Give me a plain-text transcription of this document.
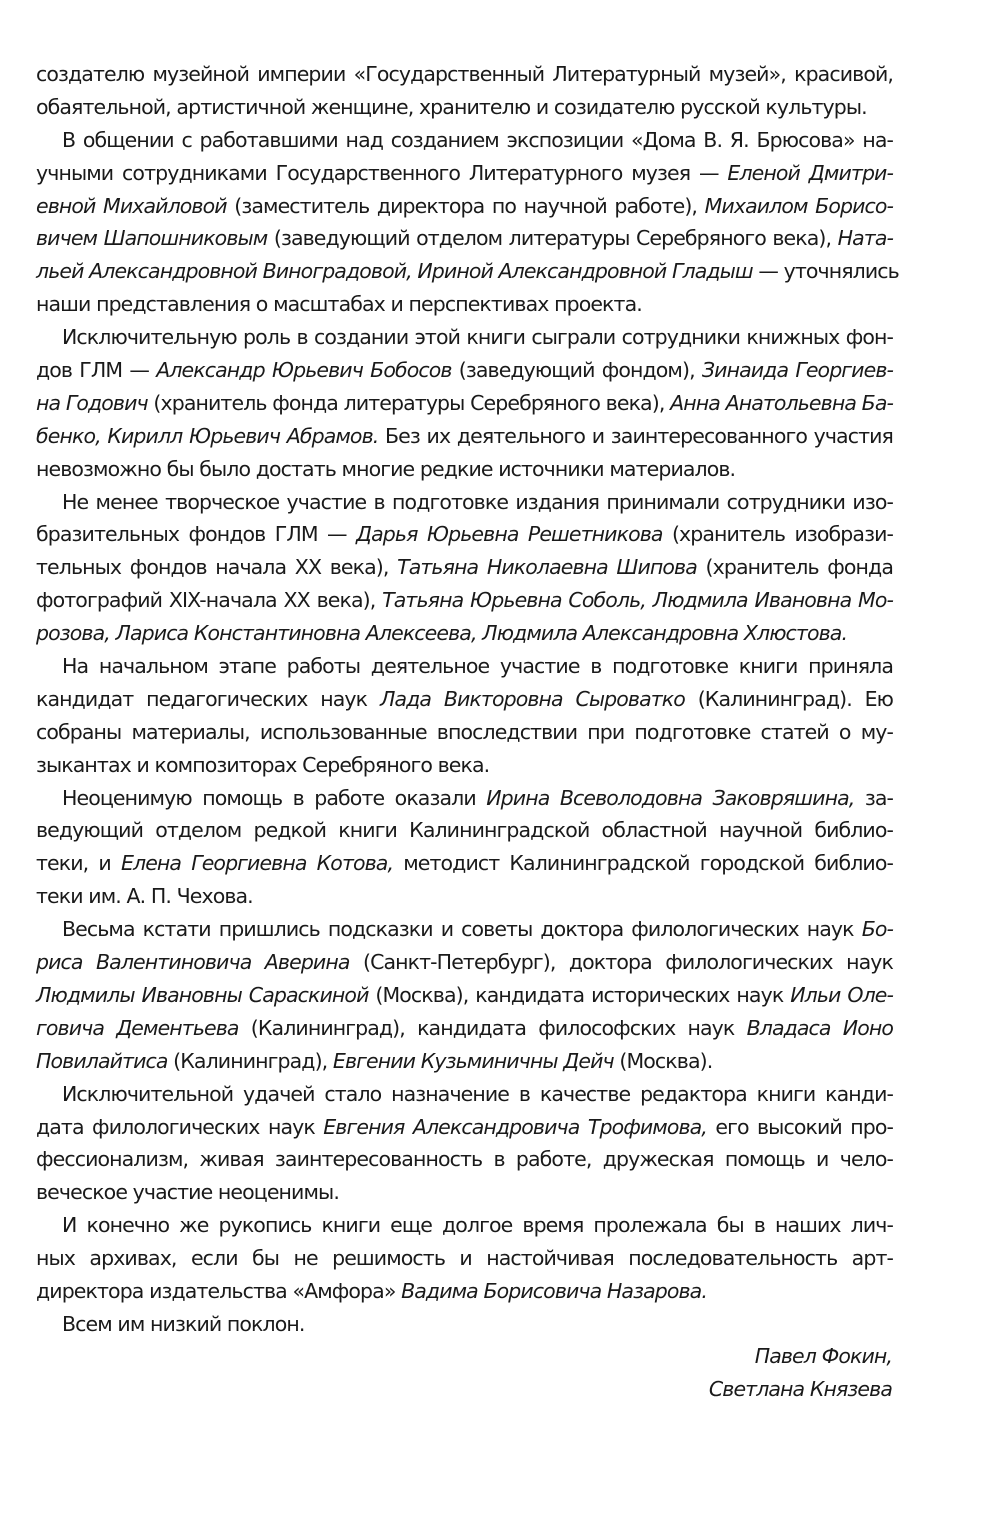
создателю музейной империи «Государственный Литературный музей», красивой,
обаятельной, артистичной женщине, хранителю и созидателю русской культуры.
В общении с работавшими над созданием экспозиции «Дома В. Я. Брюсова» на-
учными сотрудниками Государственного Литературного музея — Еленой Дмитри-
евной Михайловой (заместитель директора по научной работе), Михаилом Борисо-
вичем Шапошниковым (заведующий отделом литературы Серебряного века), Ната-
льей Александровной Виноградовой, Ириной Александровной Гладыш — уточнялись
наши представления о масштабах и перспективах проекта.
Исключительную роль в создании этой книги сыграли сотрудники книжных фон-
дов ГЛМ — Александр Юрьевич Бобосов (заведующий фондом), Зинаида Георгиев-
на Годович (хранитель фонда литературы Серебряного века), Анна Анатольевна Ба-
бенко, Кирилл Юрьевич Абрамов. Без их деятельного и заинтересованного участия
невозможно бы было достать многие редкие источники материалов.
Не менее творческое участие в подготовке издания принимали сотрудники изо-
бразительных фондов ГЛМ — Дарья Юрьевна Решетникова (хранитель изобрази-
тельных фондов начала XX века), Татьяна Николаевна Шипова (хранитель фонда
фотографий XIX-начала XX века), Татьяна Юрьевна Соболь, Людмила Ивановна Мо-
розова, Лариса Константиновна Алексеева, Людмила Александровна Хлюстова.
На начальном этапе работы деятельное участие в подготовке книги приняла
кандидат педагогических наук Лада Викторовна Сыроватко (Калининград). Ею
собраны материалы, использованные впоследствии при подготовке статей о му-
зыкантах и композиторах Серебряного века.
Неоценимую помощь в работе оказали Ирина Всеволодовна Заковряшина, за-
ведующий отделом редкой книги Калининградской областной научной библио-
теки, и Елена Георгиевна Котова, методист Калининградской городской библио-
теки им. А. П. Чехова.
Весьма кстати пришлись подсказки и советы доктора филологических наук Бо-
риса Валентиновича Аверина (Санкт-Петербург), доктора филологических наук
Людмилы Ивановны Сараскиной (Москва), кандидата исторических наук Ильи Оле-
говича Дементьева (Калининград), кандидата философских наук Владаса Ионо
Повилайтиса (Калининград), Евгении Кузьминичны Дейч (Москва).
Исключительной удачей стало назначение в качестве редактора книги канди-
дата филологических наук Евгения Александровича Трофимова, его высокий про-
фессионализм, живая заинтересованность в работе, дружеская помощь и чело-
веческое участие неоценимы.
И конечно же рукопись книги еще долгое время пролежала бы в наших лич-
ных архивах, если бы не решимость и настойчивая последовательность арт-
директора издательства «Амфора» Вадима Борисовича Назарова.
Всем им низкий поклон.
Павел Фокин,
Светлана Князева
